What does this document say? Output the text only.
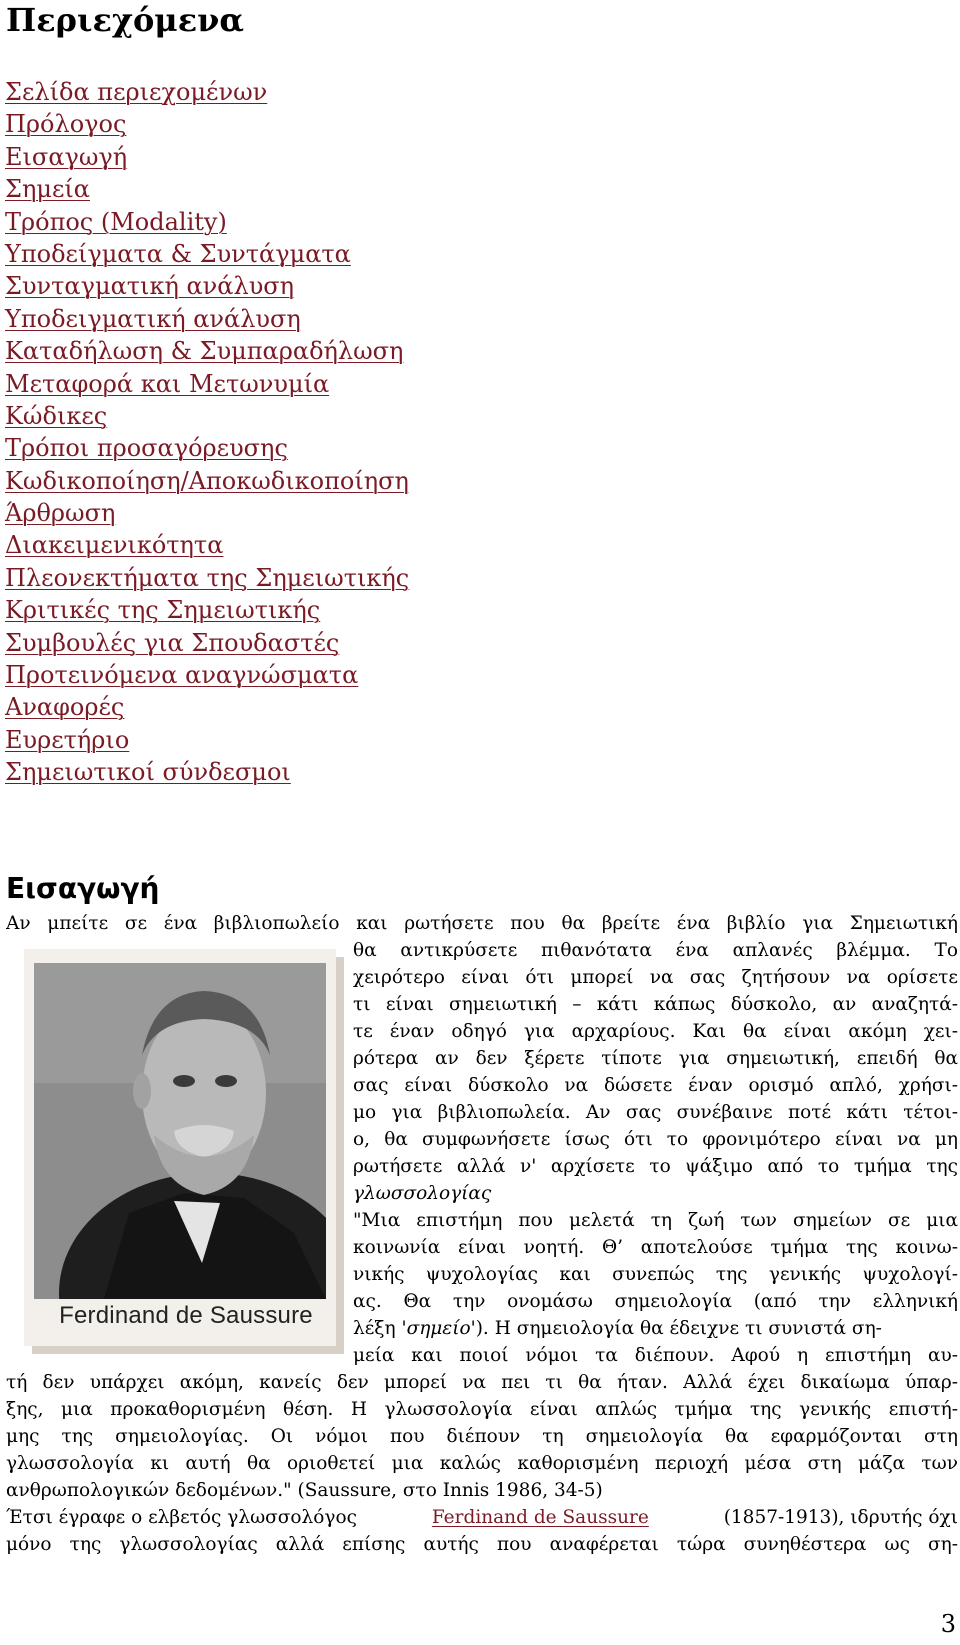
Περιεχόμενα
Σελίδα περιεχομένων
Πρόλογος
Εισαγωγή
Σημεία
Τρόπος (Modality)
Υποδείγματα & Συντάγματα
Συνταγματική ανάλυση
Υποδειγματική ανάλυση
Καταδήλωση & Συμπαραδήλωση
Μεταφορά και Μετωνυμία
Κώδικες
Τρόποι προσαγόρευσης
Κωδικοποίηση/Αποκωδικοποίηση
Άρθρωση
Διακειμενικότητα
Πλεονεκτήματα της Σημειωτικής
Κριτικές της Σημειωτικής
Συμβουλές για Σπουδαστές
Προτεινόμενα αναγνώσματα
Αναφορές
Ευρετήριο
Σημειωτικοί σύνδεσμοι
Εισαγωγή
Αν μπείτε σε ένα βιβλιοπωλείο και ρωτήσετε που θα βρείτε ένα βιβλίο για Σημειωτική
Ferdinand de Saussure
θα αντικρύσετε πιθανότατα ένα απλανές βλέμμα. Το
χειρότερο είναι ότι μπορεί να σας ζητήσουν να ορίσετε
τι είναι σημειωτική – κάτι κάπως δύσκολο, αν αναζητά-
τε έναν οδηγό για αρχαρίους. Και θα είναι ακόμη χει-
ρότερα αν δεν ξέρετε τίποτε για σημειωτική, επειδή θα
σας είναι δύσκολο να δώσετε έναν ορισμό απλό, χρήσι-
μο για βιβλιοπωλεία. Αν σας συνέβαινε ποτέ κάτι τέτοι-
ο, θα συμφωνήσετε ίσως ότι το φρονιμότερο είναι να μη
ρωτήσετε αλλά ν' αρχίσετε το ψάξιμο από το τμήμα της
γλωσσολογίας
"Μια επιστήμη που μελετά τη ζωή των σημείων σε μια
κοινωνία είναι νοητή. Θ’ αποτελούσε τμήμα της κοινω-
νικής ψυχολογίας και συνεπώς της γενικής ψυχολογί-
ας. Θα την ονομάσω σημειολογία (από την ελληνική
λέξη 'σημείο'). Η σημειολογία θα έδειχνε τι συνιστά ση-
μεία και ποιοί νόμοι τα διέπουν. Αφού η επιστήμη αυ-
τή δεν υπάρχει ακόμη, κανείς δεν μπορεί να πει τι θα ήταν. Αλλά έχει δικαίωμα ύπαρ-
ξης, μια προκαθορισμένη θέση. Η γλωσσολογία είναι απλώς τμήμα της γενικής επιστή-
μης της σημειολογίας. Οι νόμοι που διέπουν τη σημειολογία θα εφαρμόζονται στη
γλωσσολογία κι αυτή θα οριοθετεί μια καλώς καθορισμένη περιοχή μέσα στη μάζα των
ανθρωπολογικών δεδομένων." (Saussure, στο Innis 1986, 34-5)
Έτσι έγραφε ο ελβετός γλωσσολόγος	Ferdinand de Saussure	(1857-1913), ιδρυτής όχι
μόνο της γλωσσολογίας αλλά επίσης αυτής που αναφέρεται τώρα συνηθέστερα ως ση-
3
